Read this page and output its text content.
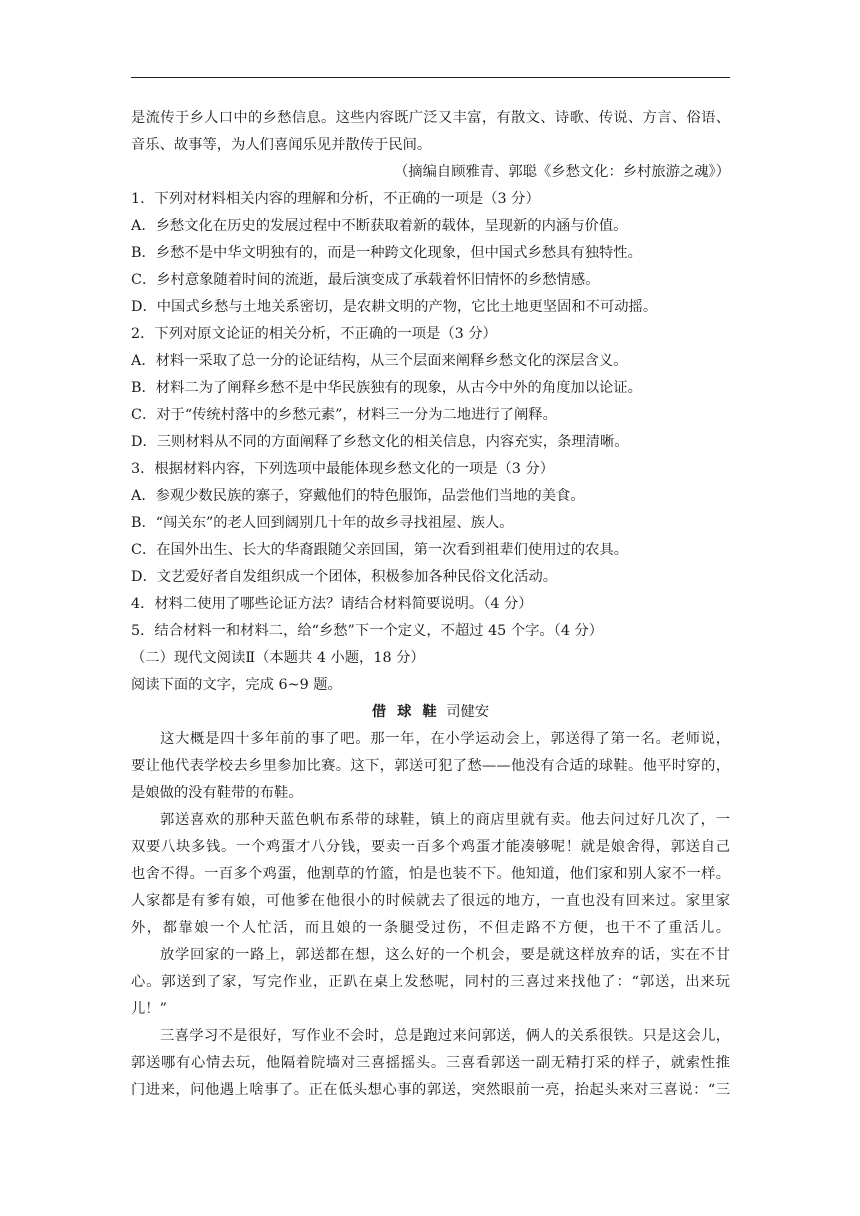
是流传于乡人口中的乡愁信息。这些内容既广泛又丰富，有散文、诗歌、传说、方言、俗语、
音乐、故事等，为人们喜闻乐见并散传于民间。
（摘编自顾雅青、郭聪《乡愁文化：乡村旅游之魂》）
1．下列对材料相关内容的理解和分析，不正确的一项是（3 分）
A．乡愁文化在历史的发展过程中不断获取着新的载体，呈现新的内涵与价值。
B．乡愁不是中华文明独有的，而是一种跨文化现象，但中国式乡愁具有独特性。
C．乡村意象随着时间的流逝，最后演变成了承载着怀旧情怀的乡愁情感。
D．中国式乡愁与土地关系密切，是农耕文明的产物，它比土地更坚固和不可动摇。
2．下列对原文论证的相关分析，不正确的一项是（3 分）
A．材料一采取了总一分的论证结构，从三个层面来阐释乡愁文化的深层含义。
B．材料二为了阐释乡愁不是中华民族独有的现象，从古今中外的角度加以论证。
C．对于“传统村落中的乡愁元素”，材料三一分为二地进行了阐释。
D．三则材料从不同的方面阐释了乡愁文化的相关信息，内容充实，条理清晰。
3．根据材料内容，下列选项中最能体现乡愁文化的一项是（3 分）
A．参观少数民族的寨子，穿戴他们的特色服饰，品尝他们当地的美食。
B．“闯关东”的老人回到阔别几十年的故乡寻找祖屋、族人。
C．在国外出生、长大的华裔跟随父亲回国，第一次看到祖辈们使用过的农具。
D．文艺爱好者自发组织成一个团体，积极参加各种民俗文化活动。
4．材料二使用了哪些论证方法？请结合材料简要说明。（4 分）
5．结合材料一和材料二，给“乡愁”下一个定义，不超过 45 个字。（4 分）
（二）现代文阅读Ⅱ（本题共 4 小题，18 分）
阅读下面的文字，完成 6~9 题。
借 球 鞋 司健安
这大概是四十多年前的事了吧。那一年，在小学运动会上，郭送得了第一名。老师说，
要让他代表学校去乡里参加比赛。这下，郭送可犯了愁——他没有合适的球鞋。他平时穿的，
是娘做的没有鞋带的布鞋。
郭送喜欢的那种天蓝色帆布系带的球鞋，镇上的商店里就有卖。他去问过好几次了，一
双要八块多钱。一个鸡蛋才八分钱，要卖一百多个鸡蛋才能凑够呢！就是娘舍得，郭送自己
也舍不得。一百多个鸡蛋，他割草的竹篮，怕是也装不下。他知道，他们家和别人家不一样。
人家都是有爹有娘，可他爹在他很小的时候就去了很远的地方，一直也没有回来过。家里家
外，都靠娘一个人忙活，而且娘的一条腿受过伤，不但走路不方便，也干不了重活儿。
放学回家的一路上，郭送都在想，这么好的一个机会，要是就这样放弃的话，实在不甘
心。郭送到了家，写完作业，正趴在桌上发愁呢，同村的三喜过来找他了：“郭送，出来玩
儿！”
三喜学习不是很好，写作业不会时，总是跑过来问郭送，俩人的关系很铁。只是这会儿，
郭送哪有心情去玩，他隔着院墙对三喜摇摇头。三喜看郭送一副无精打采的样子，就索性推
门进来，问他遇上啥事了。正在低头想心事的郭送，突然眼前一亮，抬起头来对三喜说：“三
